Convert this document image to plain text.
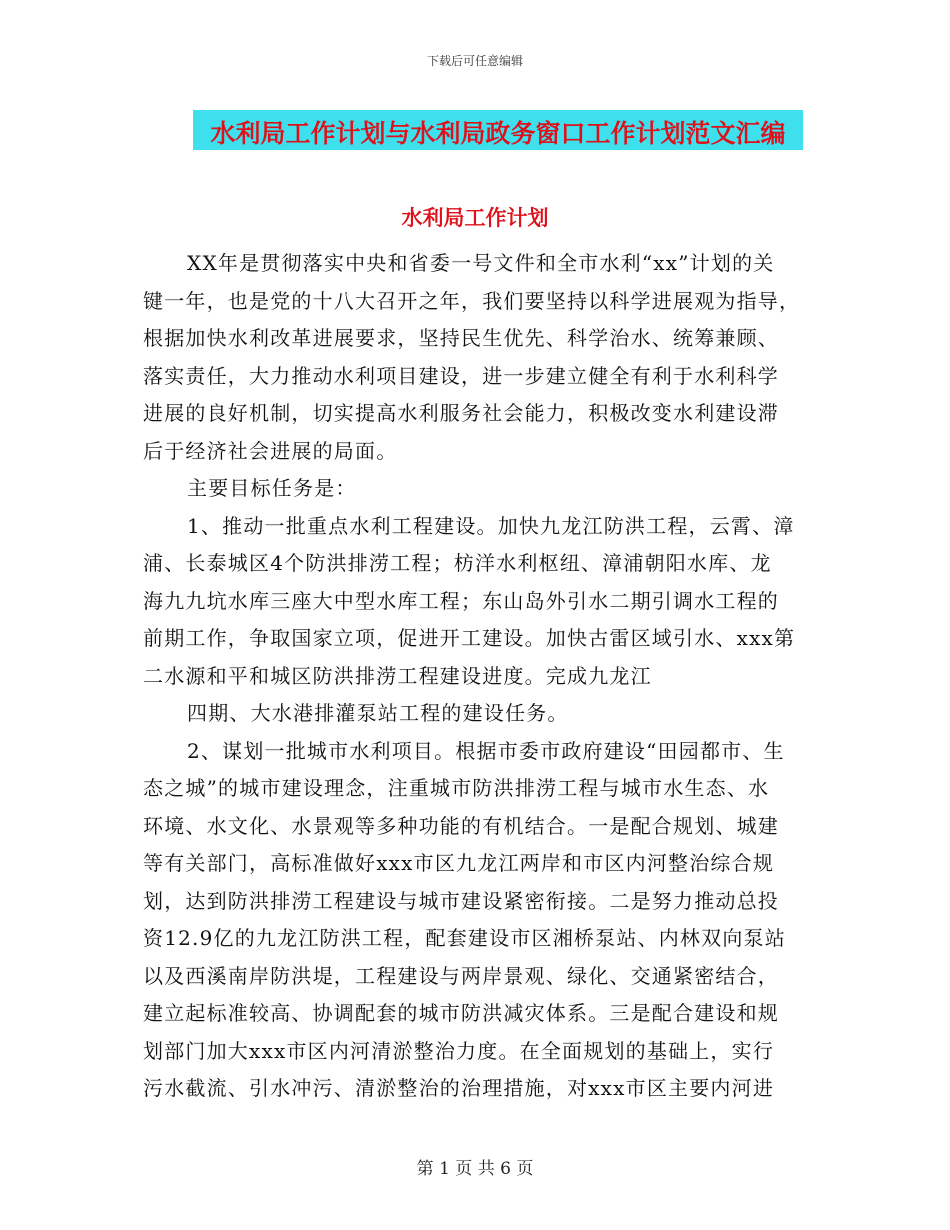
下载后可任意编辑
水利局工作计划与水利局政务窗口工作计划范文汇编
水利局工作计划
XX年是贯彻落实中央和省委一号文件和全市水利“xx”计划的关
键一年，也是党的十八大召开之年，我们要坚持以科学进展观为指导，
根据加快水利改革进展要求，坚持民生优先、科学治水、统筹兼顾、
落实责任，大力推动水利项目建设，进一步建立健全有利于水利科学
进展的良好机制，切实提高水利服务社会能力，积极改变水利建设滞
后于经济社会进展的局面。
主要目标任务是：
1、推动一批重点水利工程建设。加快九龙江防洪工程，云霄、漳
浦、长泰城区4个防洪排涝工程；枋洋水利枢纽、漳浦朝阳水库、龙
海九九坑水库三座大中型水库工程；东山岛外引水二期引调水工程的
前期工作，争取国家立项，促进开工建设。加快古雷区域引水、xxx第
二水源和平和城区防洪排涝工程建设进度。完成九龙江
四期、大水港排灌泵站工程的建设任务。
2、谋划一批城市水利项目。根据市委市政府建设“田园都市、生
态之城”的城市建设理念，注重城市防洪排涝工程与城市水生态、水
环境、水文化、水景观等多种功能的有机结合。一是配合规划、城建
等有关部门，高标准做好xxx市区九龙江两岸和市区内河整治综合规
划，达到防洪排涝工程建设与城市建设紧密衔接。二是努力推动总投
资12.9亿的九龙江防洪工程，配套建设市区湘桥泵站、内林双向泵站
以及西溪南岸防洪堤，工程建设与两岸景观、绿化、交通紧密结合，
建立起标准较高、协调配套的城市防洪减灾体系。三是配合建设和规
划部门加大xxx市区内河清淤整治力度。在全面规划的基础上，实行
污水截流、引水冲污、清淤整治的治理措施，对xxx市区主要内河进
第 1 页 共 6 页
